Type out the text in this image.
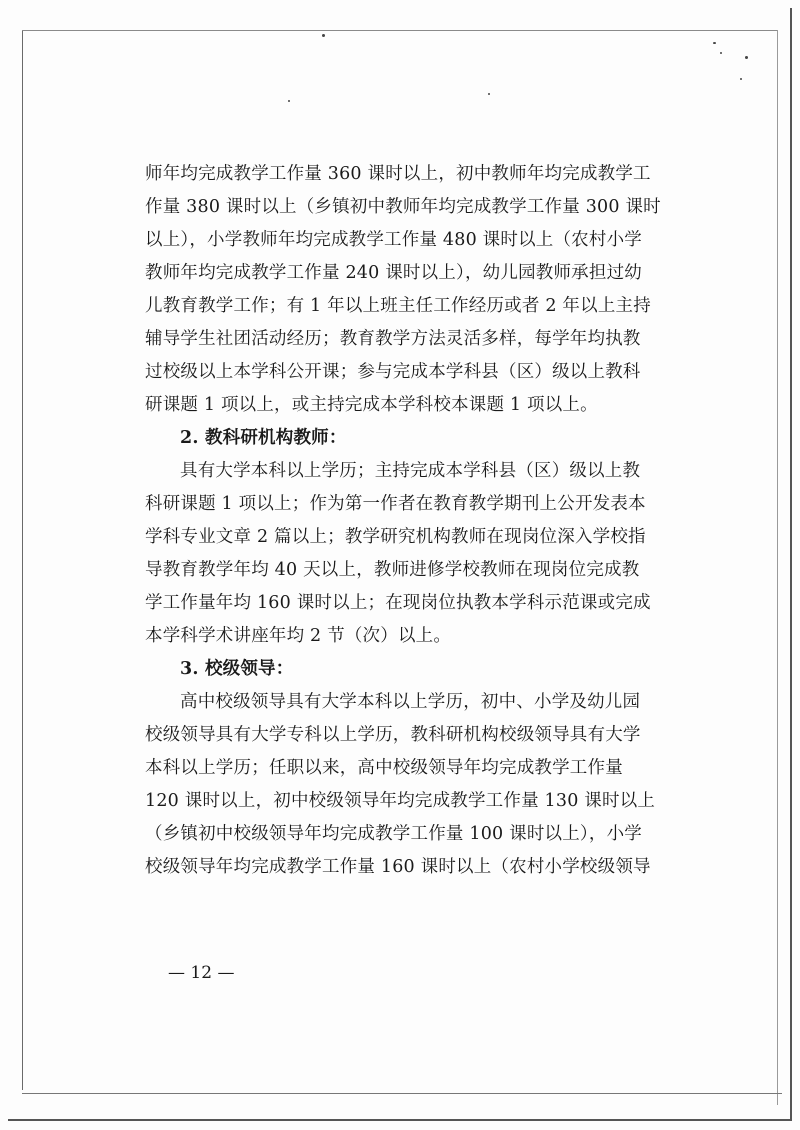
师年均完成教学工作量 360 课时以上，初中教师年均完成教学工
作量 380 课时以上（乡镇初中教师年均完成教学工作量 300 课时
以上），小学教师年均完成教学工作量 480 课时以上（农村小学
教师年均完成教学工作量 240 课时以上），幼儿园教师承担过幼
儿教育教学工作；有 1 年以上班主任工作经历或者 2 年以上主持
辅导学生社团活动经历；教育教学方法灵活多样，每学年均执教
过校级以上本学科公开课；参与完成本学科县（区）级以上教科
研课题 1 项以上，或主持完成本学科校本课题 1 项以上。
2. 教科研机构教师：
具有大学本科以上学历；主持完成本学科县（区）级以上教
科研课题 1 项以上；作为第一作者在教育教学期刊上公开发表本
学科专业文章 2 篇以上；教学研究机构教师在现岗位深入学校指
导教育教学年均 40 天以上，教师进修学校教师在现岗位完成教
学工作量年均 160 课时以上；在现岗位执教本学科示范课或完成
本学科学术讲座年均 2 节（次）以上。
3. 校级领导：
高中校级领导具有大学本科以上学历，初中、小学及幼儿园
校级领导具有大学专科以上学历，教科研机构校级领导具有大学
本科以上学历；任职以来，高中校级领导年均完成教学工作量
120 课时以上，初中校级领导年均完成教学工作量 130 课时以上
（乡镇初中校级领导年均完成教学工作量 100 课时以上），小学
校级领导年均完成教学工作量 160 课时以上（农村小学校级领导
— 12 —
